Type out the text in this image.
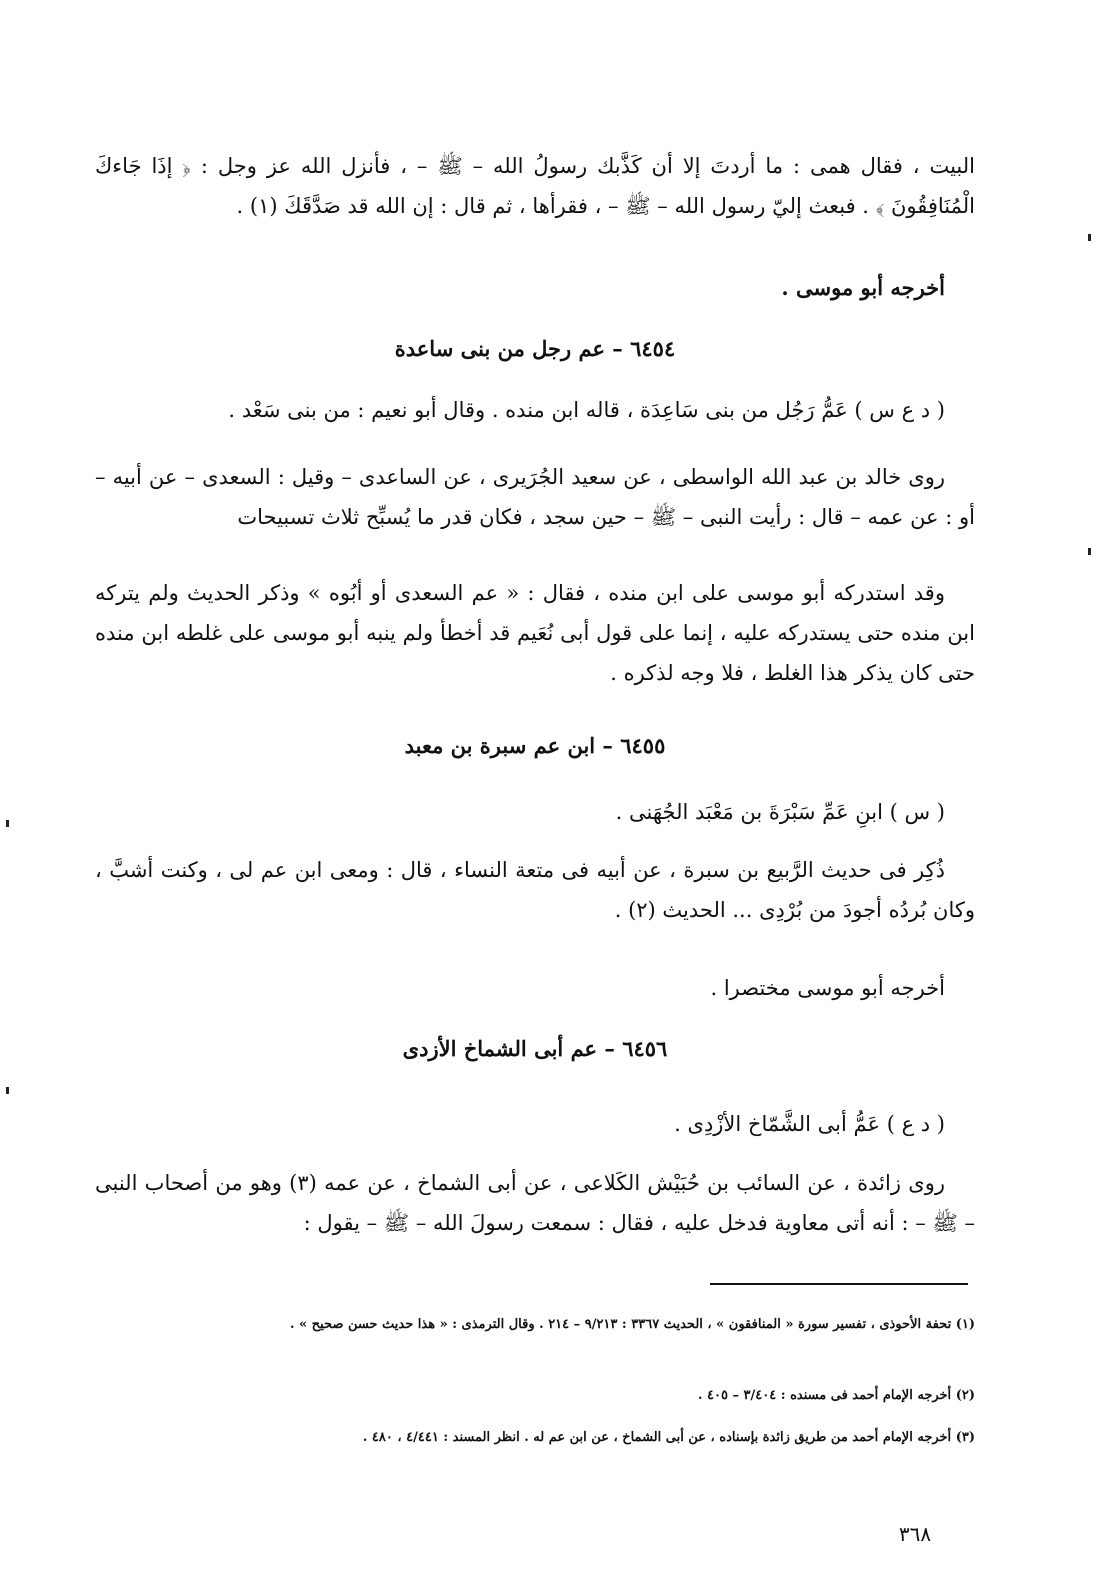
البيت ، فقال همى : ما أردتَ إلا أن كَذَّبك رسولُ الله – ﷺ – ، فأنزل الله عز وجل : ﴿ إذَا جَاءكَ الْمُنَافِقُونَ ﴾ . فبعث إليّ رسول الله – ﷺ – ، فقرأها ، ثم قال : إن الله قد صَدَّقَكَ (١) .

أخرجه أبو موسى .

٦٤٥٤ – عم رجل من بنى ساعدة

( د ع س ) عَمُّ رَجُل من بنى سَاعِدَة ، قاله ابن منده . وقال أبو نعيم : من بنى سَعْد .

روى خالد بن عبد الله الواسطى ، عن سعيد الجُرَيرى ، عن الساعدى – وقيل : السعدى – عن أبيه – أو : عن عمه – قال : رأيت النبى – ﷺ – حين سجد ، فكان قدر ما يُسبِّح ثلاث تسبيحات

وقد استدركه أبو موسى على ابن منده ، فقال : « عم السعدى أو أبُوه » وذكر الحديث ولم يتركه ابن منده حتى يستدركه عليه ، إنما على قول أبى نُعَيم قد أخطأ ولم ينبه أبو موسى على غلطه ابن منده حتى كان يذكر هذا الغلط ، فلا وجه لذكره .

٦٤٥٥ – ابن عم سبرة بن معبد

( س ) ابنِ عَمِّ سَبْرَةَ بن مَعْبَد الجُهَنى .

ذُكِر فى حديث الرَّبيع بن سبرة ، عن أبيه فى متعة النساء ، قال : ومعى ابن عم لى ، وكنت أشبَّ ، وكان بُردُه أجودَ من بُرْدِى ... الحديث (٢) .

أخرجه أبو موسى مختصرا .

٦٤٥٦ – عم أبى الشماخ الأزدى

( د ع ) عَمُّ أبى الشَّمّاخ الأزْدِى .

روى زائدة ، عن السائب بن حُبَيْش الكَلاعى ، عن أبى الشماخ ، عن عمه (٣) وهو من أصحاب النبى – ﷺ – : أنه أتى معاوية فدخل عليه ، فقال : سمعت رسولَ الله – ﷺ – يقول :

(١) تحفة الأحوذى ، تفسير سورة « المنافقون » ، الحديث ٣٣٦٧ : ٩/٢١٣ – ٢١٤ . وقال الترمذى : « هذا حديث حسن صحيح » .

(٢) أخرجه الإمام أحمد فى مسنده : ٣/٤٠٤ – ٤٠٥ .

(٣) أخرجه الإمام أحمد من طريق زائدة بإسناده ، عن أبى الشماخ ، عن ابن عم له . انظر المسند : ٤/٤٤١ ، ٤٨٠ .

٣٦٨
